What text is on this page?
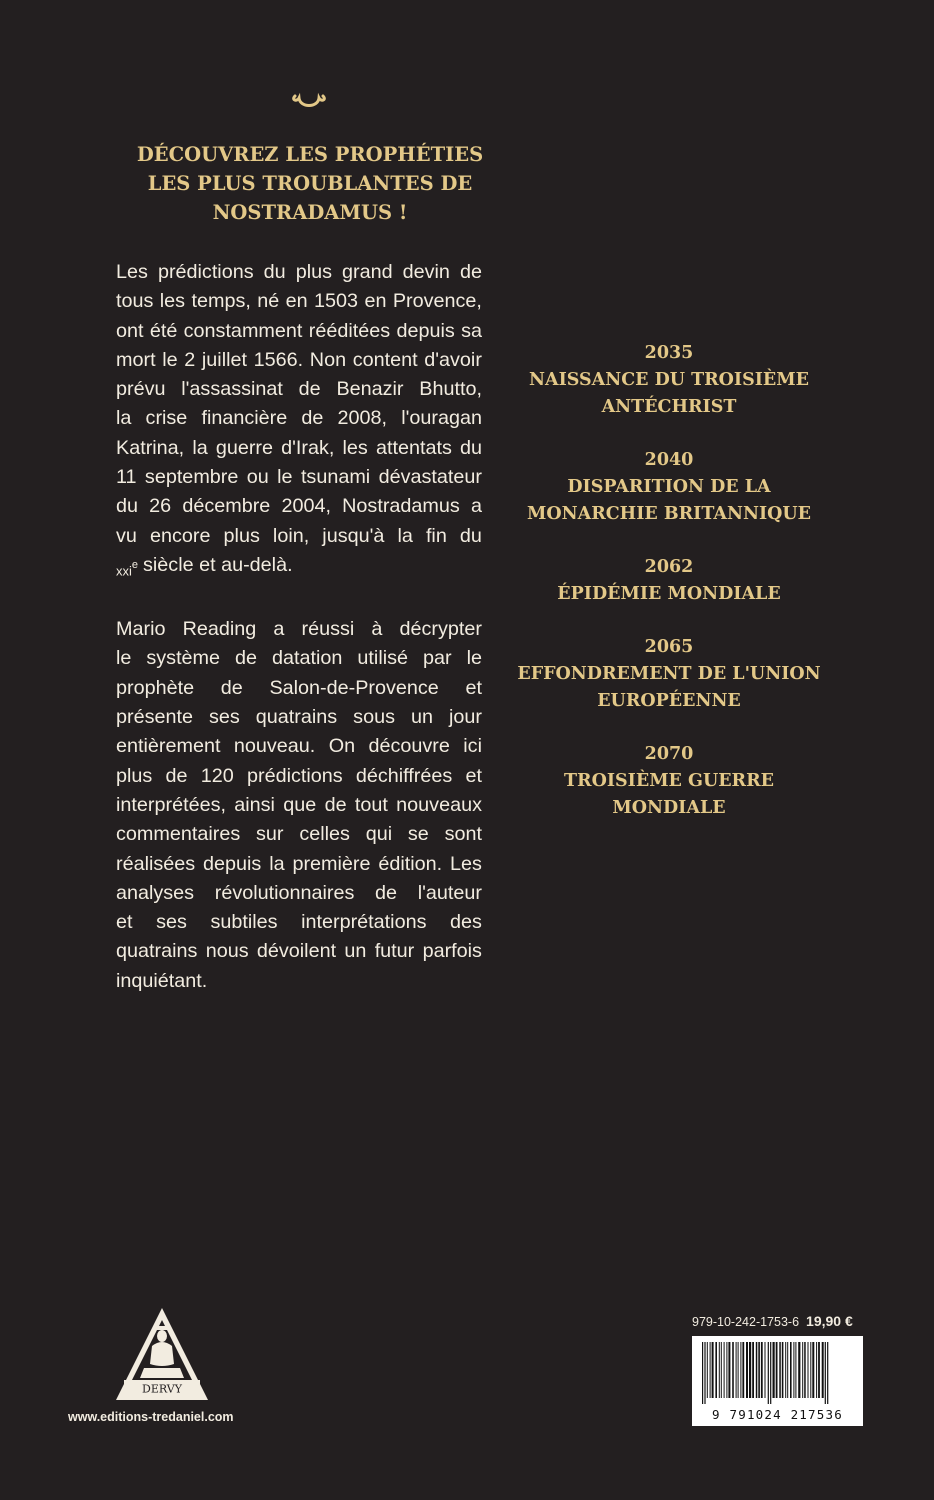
DÉCOUVREZ LES PROPHÉTIES
LES PLUS TROUBLANTES DE
NOSTRADAMUS !
Les prédictions du plus grand devin de
tous les temps, né en 1503 en Provence,
ont été constamment rééditées depuis sa
mort le 2 juillet 1566. Non content d'avoir
prévu l'assassinat de Benazir Bhutto,
la crise financière de 2008, l'ouragan
Katrina, la guerre d'Irak, les attentats du
11 septembre ou le tsunami dévastateur
du 26 décembre 2004, Nostradamus a
vu encore plus loin, jusqu'à la fin du
xxi$^e$ siècle et au-delà.
Mario Reading a réussi à décrypter
le système de datation utilisé par le
prophète de Salon-de-Provence et
présente ses quatrains sous un jour
entièrement nouveau. On découvre ici
plus de 120 prédictions déchiffrées et
interprétées, ainsi que de tout nouveaux
commentaires sur celles qui se sont
réalisées depuis la première édition. Les
analyses révolutionnaires de l'auteur
et ses subtiles interprétations des
quatrains nous dévoilent un futur parfois
inquiétant.
2035
NAISSANCE DU TROISIÈME
ANTÉCHRIST
2040
DISPARITION DE LA
MONARCHIE BRITANNIQUE
2062
ÉPIDÉMIE MONDIALE
2065
EFFONDREMENT DE L'UNION
EUROPÉENNE
2070
TROISIÈME GUERRE
MONDIALE
DERVY
www.editions-tredaniel.com
979-10-242-1753-6 19,90 €
9 791024 217536
